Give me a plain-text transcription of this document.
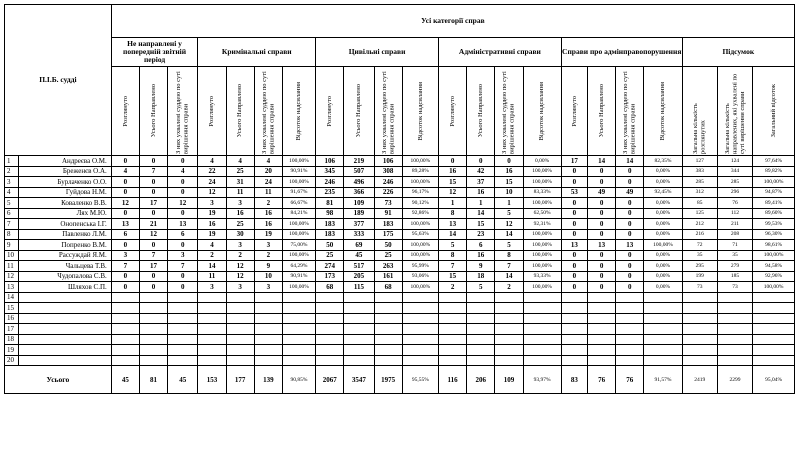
П.І.Б. судді		Усі категорії справ																					
		Не направлені у попередній звітній період			Кримінальні справи				Цивільні справи				Адміністративні справи				Справи про адмінправопорушення				Підсумок		

		Розглянуто	Усього Направлено	З них ухвалені суддею по суті вирішення справи	Розглянуто	Усього Направлено	З них ухвалені суддею по суті вирішення справи	Відсоток надсилання	Розглянуто	Усього Направлено	З них ухвалені суддею по суті вирішення справи	Відсоток надсилання	Розглянуто	Усього Направлено	З них ухвалені суддею по суті вирішення справи	Відсоток надсилання	Розглянуто	Усього Направлено	З них ухвалені суддею по суті вирішення справи	Відсоток надсилання	Загальна кількість розглянутих	Загальна кількість направлених, які ухвалені по суті вирішення справи	Загальний відсоток

1	Андреєва О.М.	0	0	0	4	4	4	100,00%	106	219	106	100,00%	0	0	0	0,00%	17	14	14	82,35%	127	124	97,64%
2	Бреженєв О.А.	4	7	4	22	25	20	90,91%	345	507	308	89,28%	16	42	16	100,00%	0	0	0	0,00%	383	344	89,82%
3	Бурлаченко О.О.	0	0	0	24	31	24	100,00%	246	496	246	100,00%	15	37	15	100,00%	0	0	0	0,00%	285	285	100,00%
4	Гуйдова Н.М.	0	0	0	12	11	11	91,67%	235	366	226	96,17%	12	16	10	83,33%	53	49	49	92,45%	312	296	94,87%
5	Коваленко В.В.	12	17	12	3	3	2	66,67%	81	109	73	90,12%	1	1	1	100,00%	0	0	0	0,00%	85	76	89,41%
6	Лях М.Ю.	0	0	0	19	16	16	84,21%	98	189	91	92,86%	8	14	5	62,50%	0	0	0	0,00%	125	112	89,60%
7	Онопенська І.Г.	13	21	13	16	25	16	100,00%	183	377	183	100,00%	13	15	12	92,31%	0	0	0	0,00%	212	211	99,53%
8	Павленко Л.М.	6	12	6	19	30	19	100,00%	183	333	175	95,63%	14	23	14	100,00%	0	0	0	0,00%	216	208	96,30%
9	Попренко В.М.	0	0	0	4	3	3	75,00%	50	69	50	100,00%	5	6	5	100,00%	13	13	13	100,00%	72	71	98,61%
10	Рассуждай Я.М.	3	7	3	2	2	2	100,00%	25	45	25	100,00%	8	16	8	100,00%	0	0	0	0,00%	35	35	100,00%
11	Чальцева Т.В.	7	17	7	14	12	9	64,29%	274	517	263	95,99%	7	9	7	100,00%	0	0	0	0,00%	295	279	94,58%
12	Чудопалова С.В.	0	0	0	11	12	10	90,91%	173	205	161	93,06%	15	18	14	93,33%	0	0	0	0,00%	199	185	92,96%
13	Шляхов С.П.	0	0	0	3	3	3	100,00%	68	115	68	100,00%	2	5	2	100,00%	0	0	0	0,00%	73	73	100,00%
14																							
15																							
16																							
17																							
18																							
19																							
20																							
Усього		45	81	45	153	177	139	90,85%	2067	3547	1975	95,55%	116	206	109	93,97%	83	76	76	91,57%	2419	2299	95,04%
